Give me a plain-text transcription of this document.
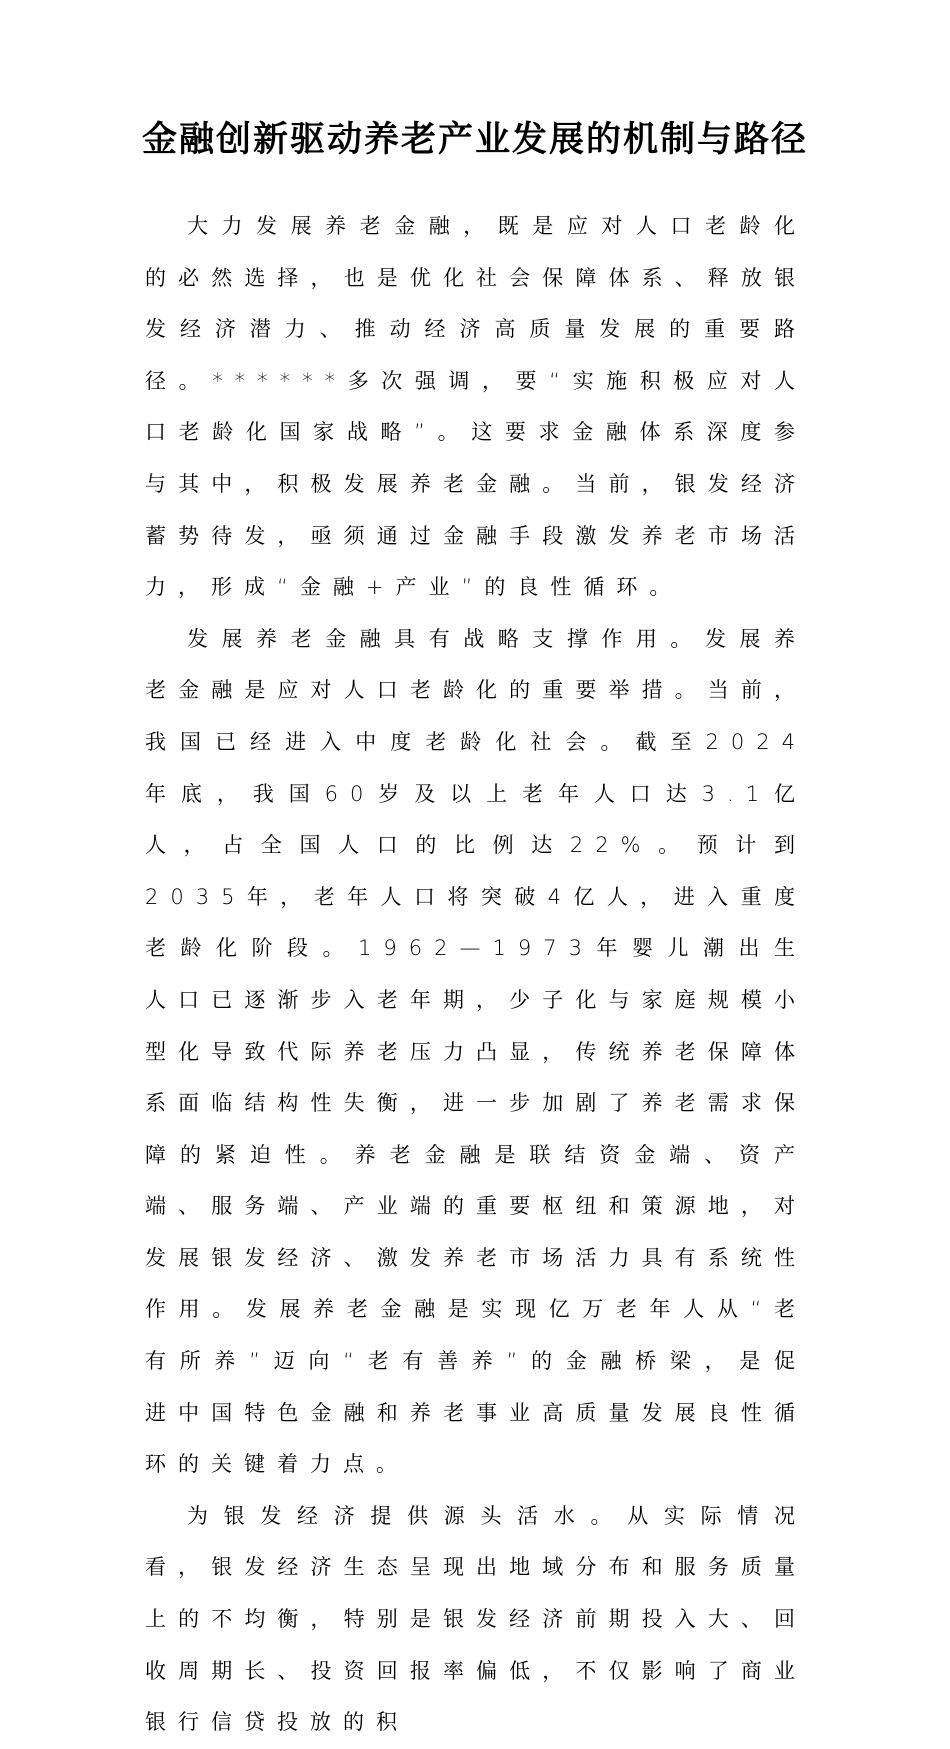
金融创新驱动养老产业发展的机制与路径

大力发展养老金融，既是应对人口老龄化的必然选择，也是优化社会保障体系、释放银发经济潜力、推动经济高质量发展的重要路径。******多次强调，要“实施积极应对人口老龄化国家战略”。这要求金融体系深度参与其中，积极发展养老金融。当前，银发经济蓄势待发，亟须通过金融手段激发养老市场活力，形成“金融+产业”的良性循环。

发展养老金融具有战略支撑作用。发展养老金融是应对人口老龄化的重要举措。当前，我国已经进入中度老龄化社会。截至2024年底，我国60岁及以上老年人口达3.1亿人，占全国人口的比例达22%。预计到2035年，老年人口将突破4亿人，进入重度老龄化阶段。1962—1973年婴儿潮出生人口已逐渐步入老年期，少子化与家庭规模小型化导致代际养老压力凸显，传统养老保障体系面临结构性失衡，进一步加剧了养老需求保障的紧迫性。养老金融是联结资金端、资产端、服务端、产业端的重要枢纽和策源地，对发展银发经济、激发养老市场活力具有系统性作用。发展养老金融是实现亿万老年人从“老有所养”迈向“老有善养”的金融桥梁，是促进中国特色金融和养老事业高质量发展良性循环的关键着力点。

为银发经济提供源头活水。从实际情况看，银发经济生态呈现出地域分布和服务质量上的不均衡，特别是银发经济前期投入大、回收周期长、投资回报率偏低，不仅影响了商业银行信贷投放的积
